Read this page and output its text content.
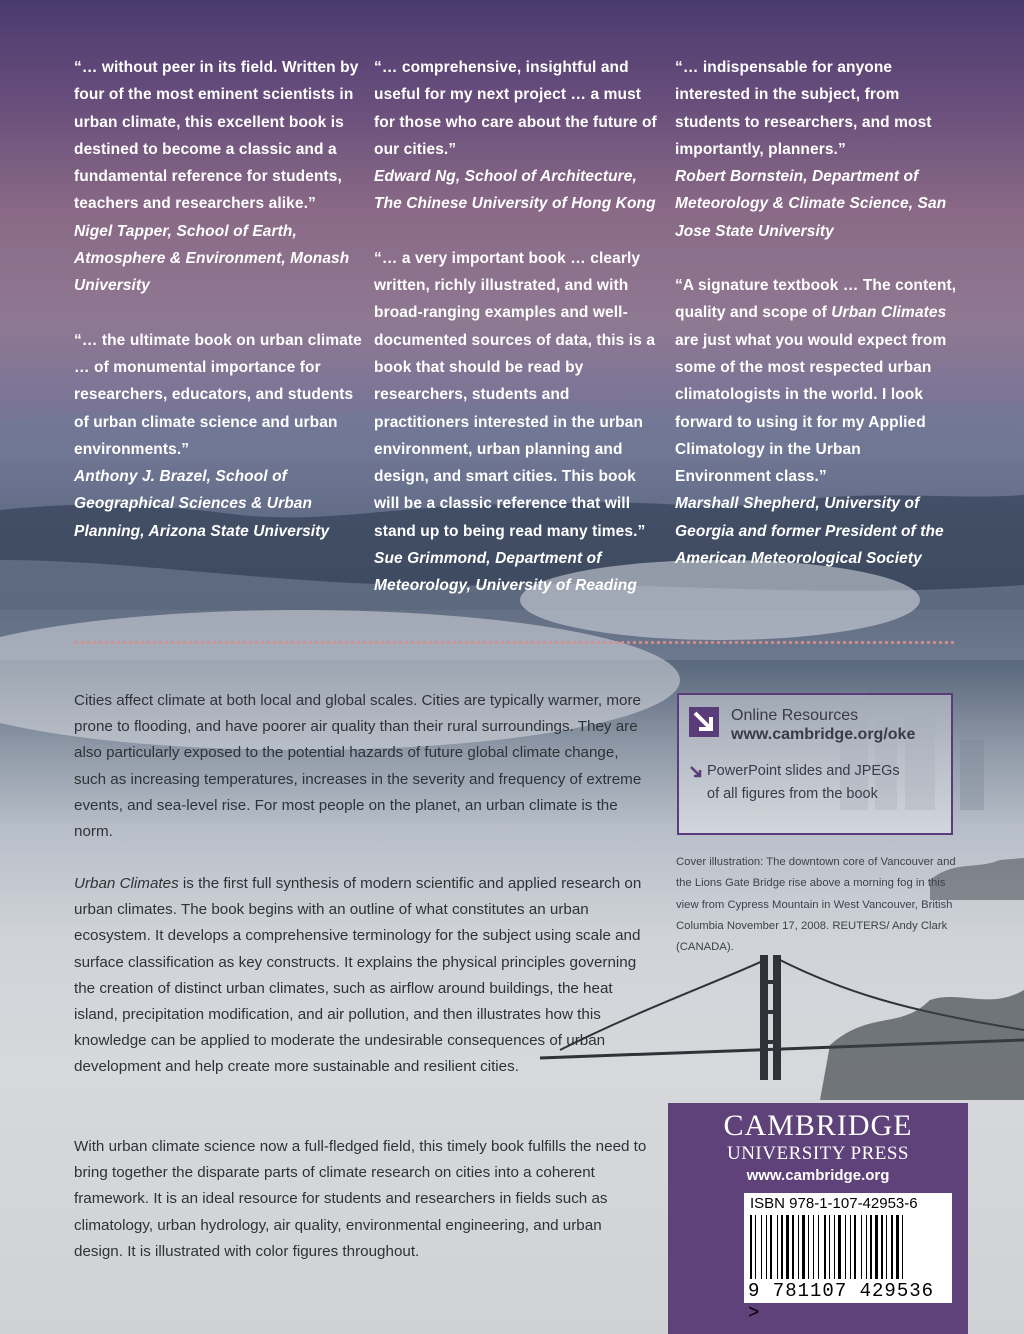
“… without peer in its field. Written by four of the most eminent scientists in urban climate, this excellent book is destined to become a classic and a fundamental reference for students, teachers and researchers alike.”

Nigel Tapper, School of Earth, Atmosphere & Environment, Monash University

“… the ultimate book on urban climate … of monumental importance for researchers, educators, and students of urban climate science and urban environments.”

Anthony J. Brazel, School of Geographical Sciences & Urban Planning, Arizona State University

“… comprehensive, insightful and useful for my next project … a must for those who care about the future of our cities.”

Edward Ng, School of Architecture, The Chinese University of Hong Kong

“… a very important book … clearly written, richly illustrated, and with broad-ranging examples and well-documented sources of data, this is a book that should be read by researchers, students and practitioners interested in the urban environment, urban planning and design, and smart cities. This book will be a classic reference that will stand up to being read many times.”

Sue Grimmond, Department of Meteorology, University of Reading

“… indispensable for anyone interested in the subject, from students to researchers, and most importantly, planners.”

Robert Bornstein, Department of Meteorology & Climate Science, San Jose State University

“A signature textbook … The content, quality and scope of Urban Climates are just what you would expect from some of the most respected urban climatologists in the world. I look forward to using it for my Applied Climatology in the Urban Environment class.”

Marshall Shepherd, University of Georgia and former President of the American Meteorological Society

Cities affect climate at both local and global scales. Cities are typically warmer, more prone to flooding, and have poorer air quality than their rural surroundings. They are also particularly exposed to the potential hazards of future global climate change, such as increasing temperatures, increases in the severity and frequency of extreme events, and sea-level rise. For most people on the planet, an urban climate is the norm.

Urban Climates is the first full synthesis of modern scientific and applied research on urban climates. The book begins with an outline of what constitutes an urban ecosystem. It develops a comprehensive terminology for the subject using scale and surface classification as key constructs. It explains the physical principles governing the creation of distinct urban climates, such as airflow around buildings, the heat island, precipitation modification, and air pollution, and then illustrates how this knowledge can be applied to moderate the undesirable consequences of urban development and help create more sustainable and resilient cities.

With urban climate science now a full-fledged field, this timely book fulfills the need to bring together the disparate parts of climate research on cities into a coherent framework. It is an ideal resource for students and researchers in fields such as climatology, urban hydrology, air quality, environmental engineering, and urban design. It is illustrated with color figures throughout.

Online Resources
www.cambridge.org/oke
PowerPoint slides and JPEGs
of all figures from the book
Cover illustration: The downtown core of Vancouver and the Lions Gate Bridge rise above a morning fog in this view from Cypress Mountain in West Vancouver, British Columbia November 17, 2008. REUTERS/ Andy Clark (CANADA).
CAMBRIDGE
UNIVERSITY PRESS
www.cambridge.org
ISBN 978-1-107-42953-6
9 781107 429536 >
